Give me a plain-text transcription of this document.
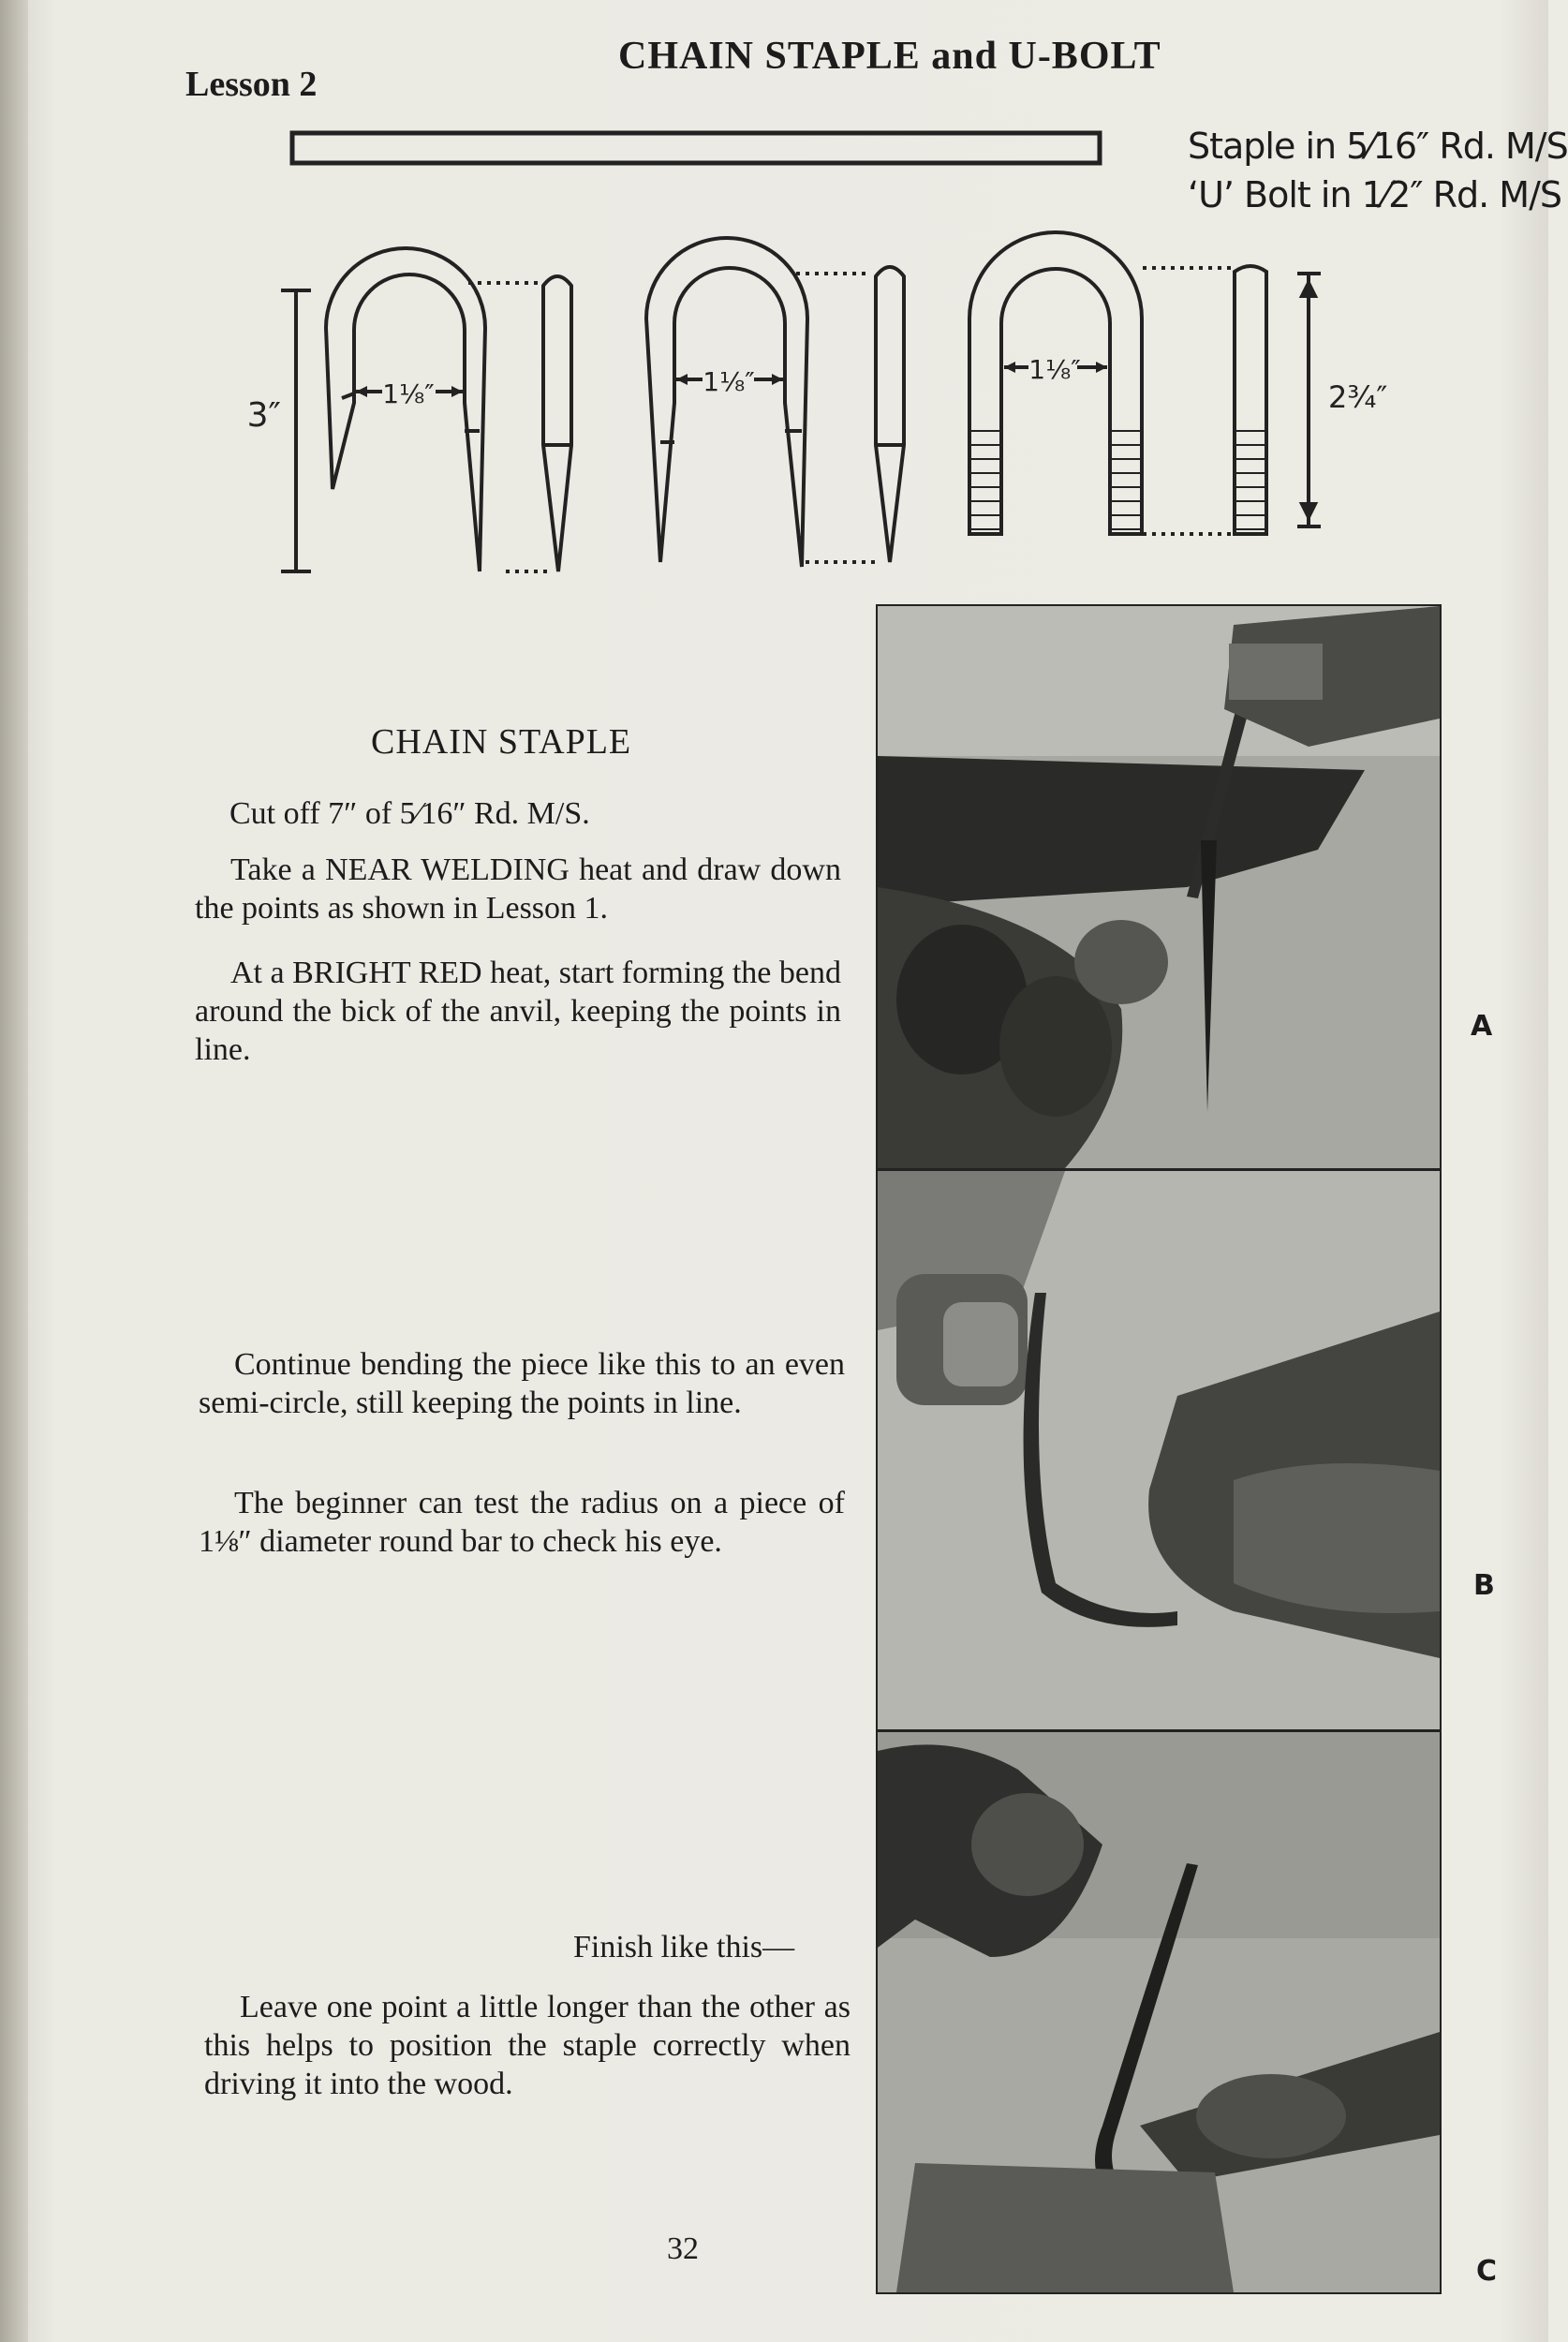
Lesson 2
CHAIN STAPLE and U-BOLT
Staple in 5⁄16″ Rd. M/S
‘U’ Bolt in 1⁄2″ Rd. M/S
3″
1⅛″	1⅛″	1⅛″
2¾″
CHAIN STAPLE

Cut off 7″ of 5⁄16″ Rd. M/S.

Take a NEAR WELDING heat and draw down the points as shown in Lesson 1.

At a BRIGHT RED heat, start forming the bend around the bick of the anvil, keeping the points in line.

Continue bending the piece like this to an even semi-circle, still keeping the points in line.

The beginner can test the radius on a piece of 1⅛″ diameter round bar to check his eye.

Finish like this—

Leave one point a little longer than the other as this helps to position the staple correctly when driving it into the wood.

A
B
C
32
